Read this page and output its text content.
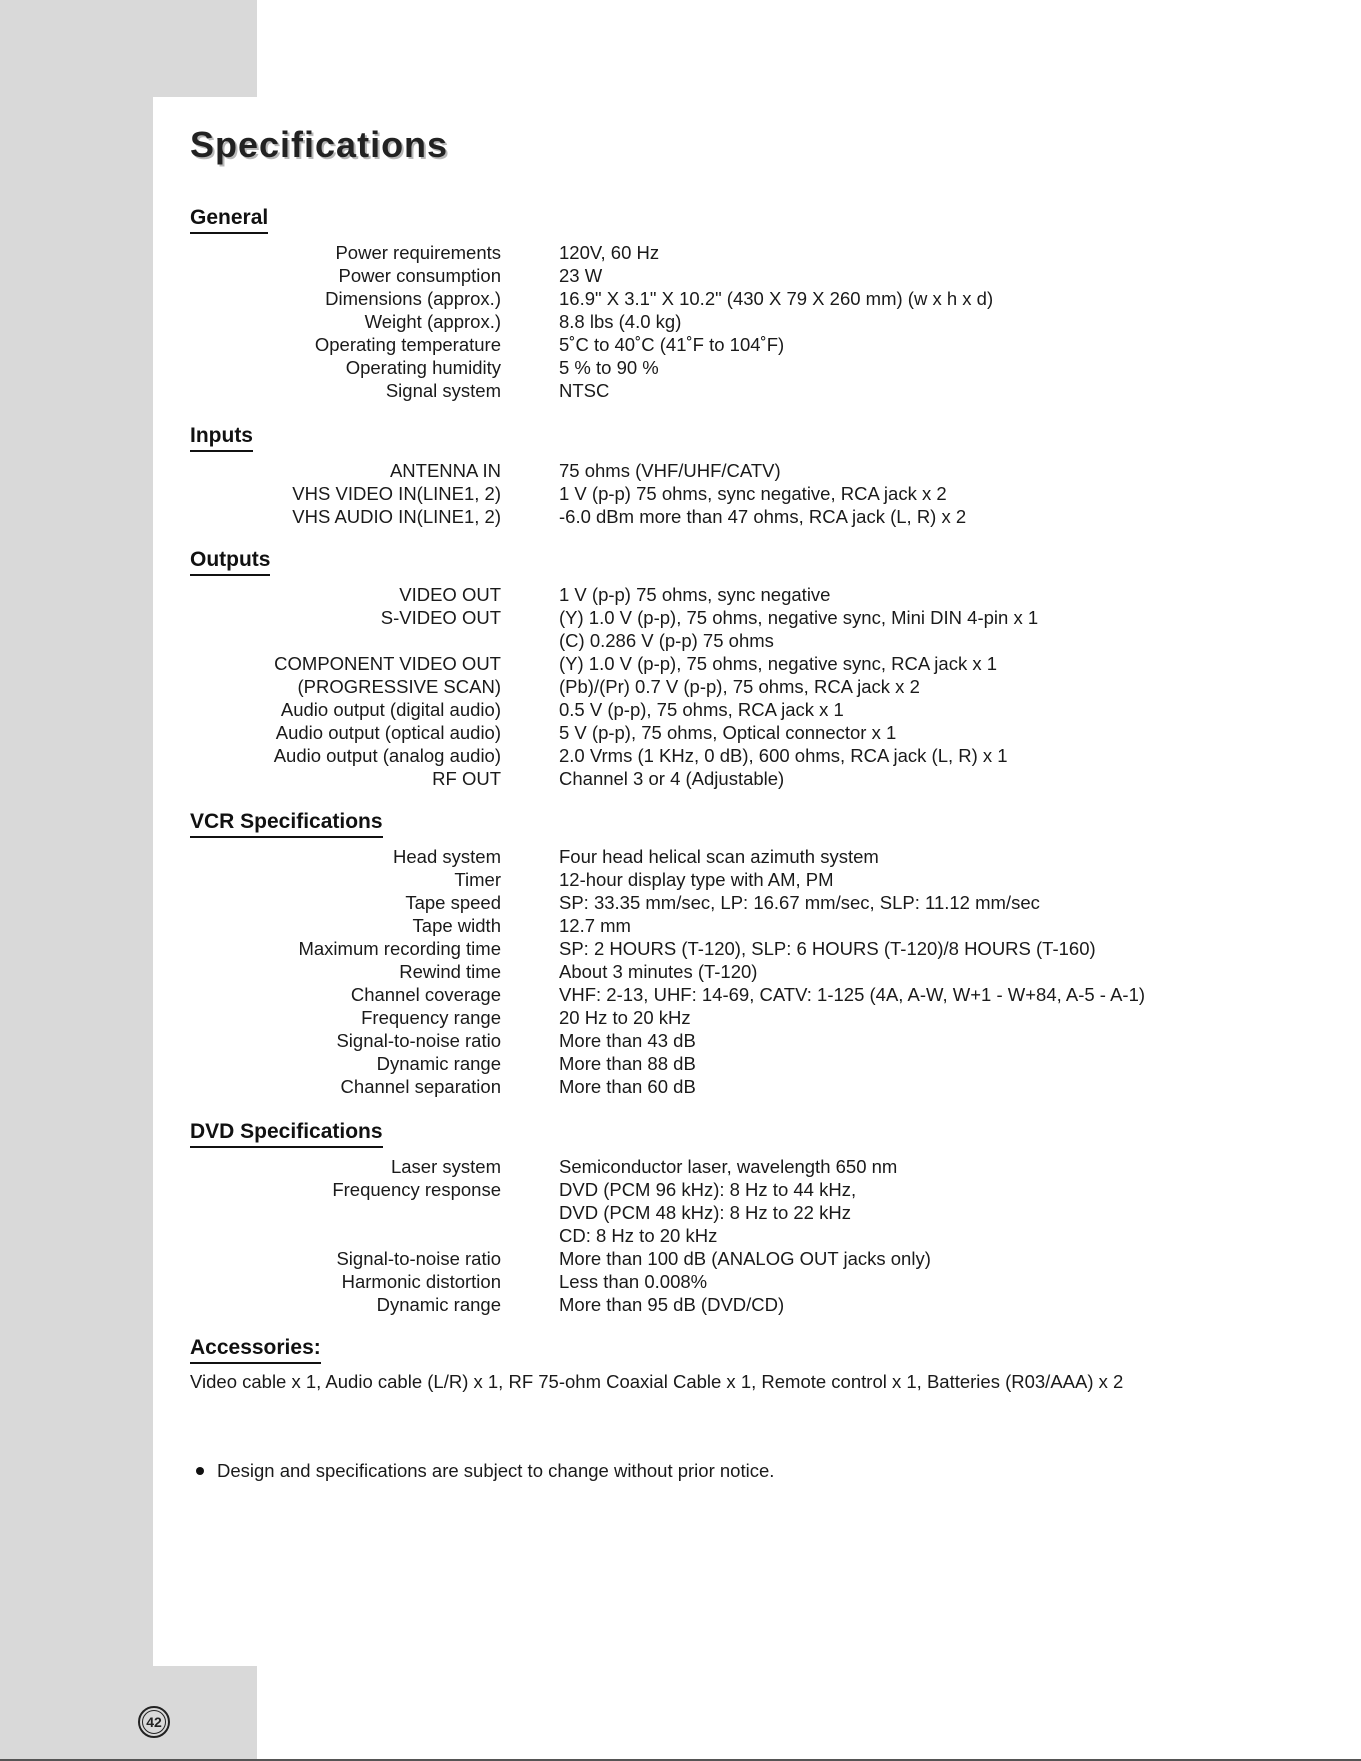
42
Specifications
General
Power requirements	120V, 60 Hz
Power consumption	23 W
Dimensions (approx.)	16.9" X 3.1" X 10.2" (430 X 79 X 260 mm) (w x h x d)
Weight (approx.)	8.8 lbs (4.0 kg)
Operating temperature	5˚C to 40˚C (41˚F to 104˚F)
Operating humidity	5 % to 90 %
Signal system	NTSC
Inputs
ANTENNA IN	75 ohms (VHF/UHF/CATV)
VHS VIDEO IN(LINE1, 2)	1 V (p-p) 75 ohms, sync negative, RCA jack x 2
VHS AUDIO IN(LINE1, 2)	-6.0 dBm more than 47 ohms, RCA jack (L, R) x 2
Outputs
VIDEO OUT	1 V (p-p) 75 ohms, sync negative
S-VIDEO OUT	(Y) 1.0 V (p-p), 75 ohms, negative sync, Mini DIN 4-pin x 1
(C) 0.286 V (p-p) 75 ohms
COMPONENT VIDEO OUT	(Y) 1.0 V (p-p), 75 ohms, negative sync, RCA jack x 1
(PROGRESSIVE SCAN)	(Pb)/(Pr) 0.7 V (p-p), 75 ohms, RCA jack x 2
Audio output (digital audio)	0.5 V (p-p), 75 ohms, RCA jack x 1
Audio output (optical audio)	5 V (p-p), 75 ohms, Optical connector x 1
Audio output (analog audio)	2.0 Vrms (1 KHz, 0 dB), 600 ohms, RCA jack (L, R) x 1
RF OUT	Channel 3 or 4 (Adjustable)
VCR Specifications
Head system	Four head helical scan azimuth system
Timer	12-hour display type with AM, PM
Tape speed	SP: 33.35 mm/sec, LP: 16.67 mm/sec, SLP: 11.12 mm/sec
Tape width	12.7 mm
Maximum recording time	SP: 2 HOURS (T-120), SLP: 6 HOURS (T-120)/8 HOURS (T-160)
Rewind time	About 3 minutes (T-120)
Channel coverage	VHF: 2-13, UHF: 14-69, CATV: 1-125 (4A, A-W, W+1 - W+84, A-5 - A-1)
Frequency range	20 Hz to 20 kHz
Signal-to-noise ratio	More than 43 dB
Dynamic range	More than 88 dB
Channel separation	More than 60 dB
DVD Specifications
Laser system	Semiconductor laser, wavelength 650 nm
Frequency response	DVD (PCM 96 kHz): 8 Hz to 44 kHz,
DVD (PCM 48 kHz): 8 Hz to 22 kHz
CD: 8 Hz to 20 kHz
Signal-to-noise ratio	More than 100 dB (ANALOG OUT jacks only)
Harmonic distortion	Less than 0.008%
Dynamic range	More than 95 dB (DVD/CD)
Accessories:
Video cable x 1, Audio cable (L/R) x 1, RF 75-ohm Coaxial Cable x 1, Remote control x 1, Batteries (R03/AAA) x 2
Design and specifications are subject to change without prior notice.
